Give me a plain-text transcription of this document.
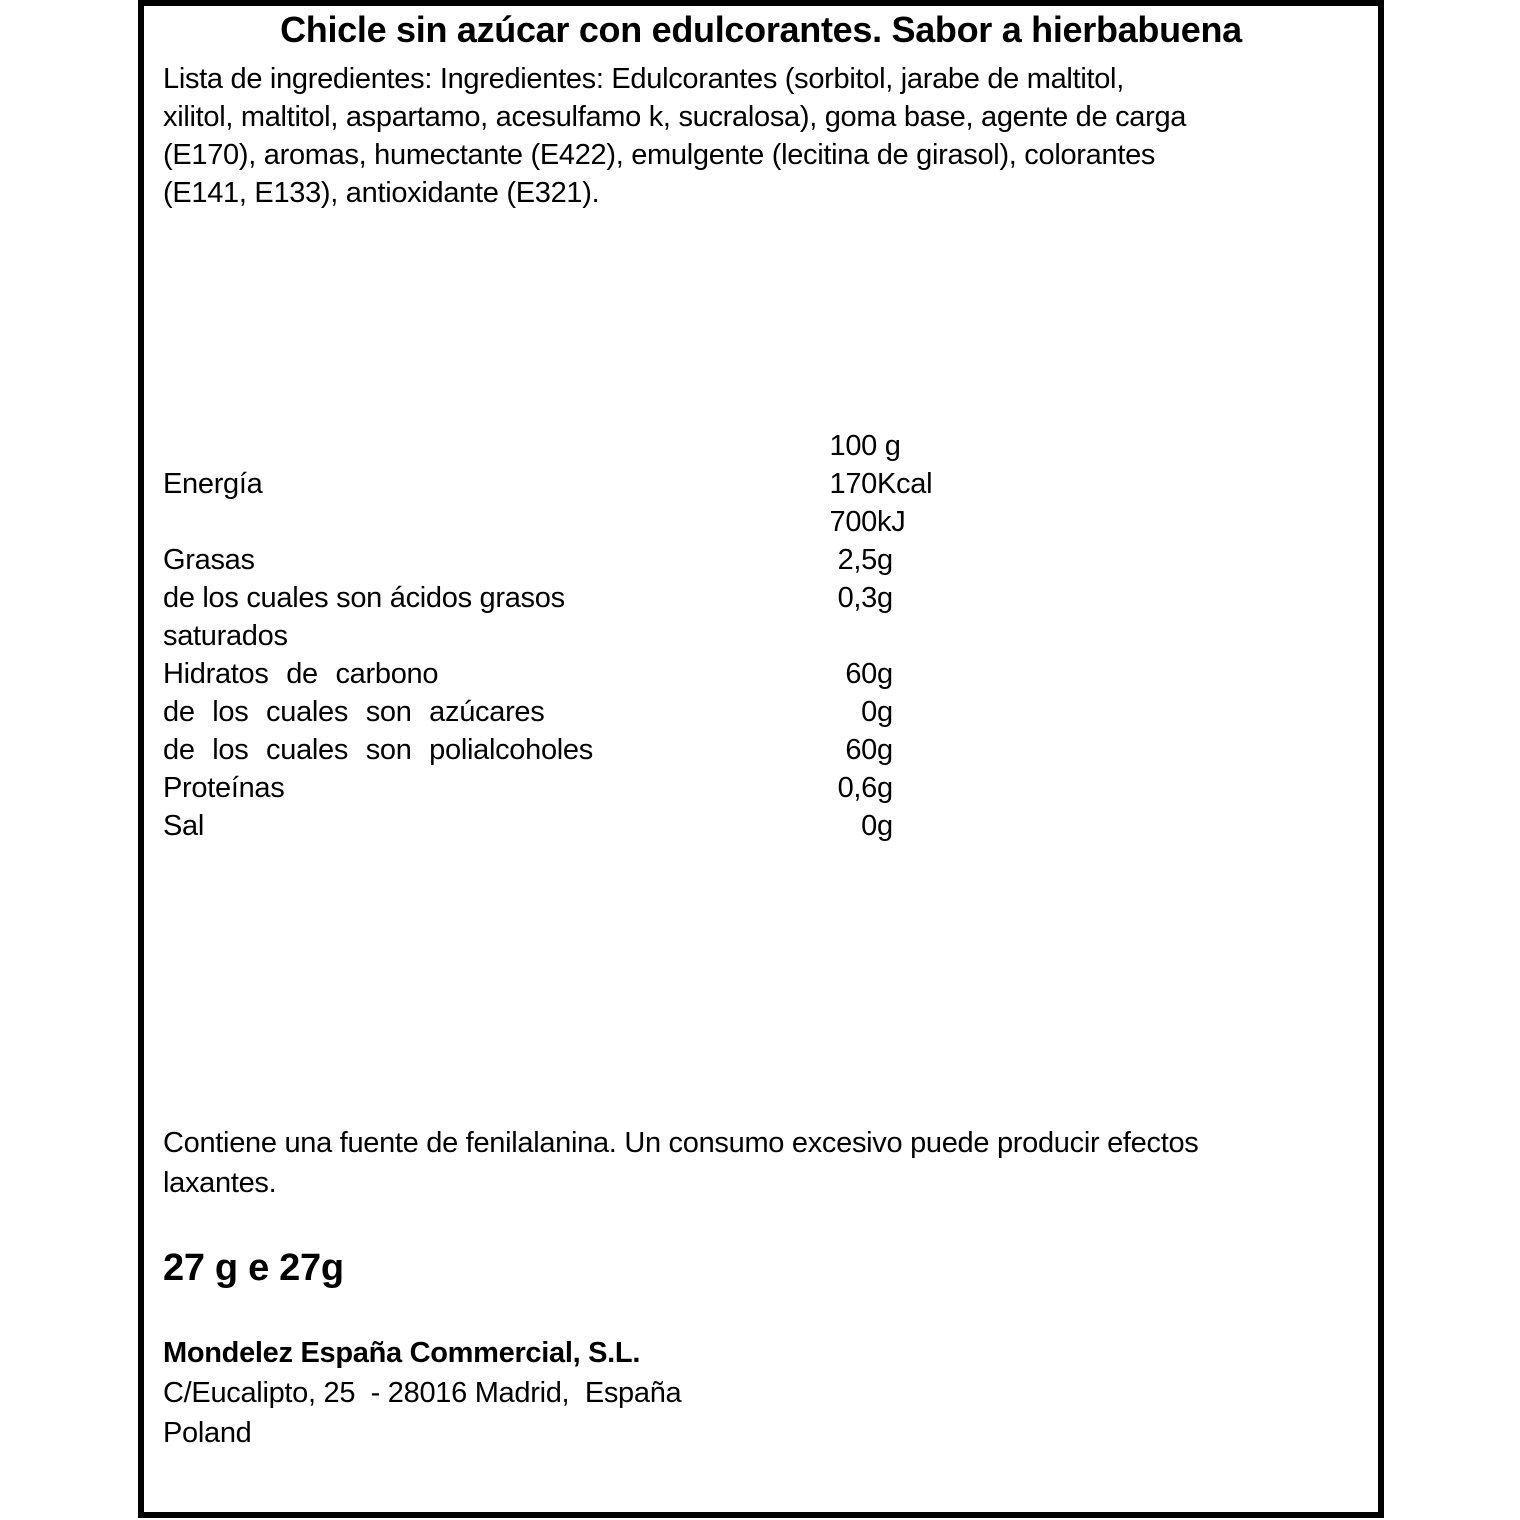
Chicle sin azúcar con edulcorantes. Sabor a hierbabuena
Lista de ingredientes: Ingredientes: Edulcorantes (sorbitol, jarabe de maltitol,
xilitol, maltitol, aspartamo, acesulfamo k, sucralosa), goma base, agente de carga
(E170), aromas, humectante (E422), emulgente (lecitina de girasol), colorantes
(E141, E133), antioxidante (E321).
100 g
Energía	170 Kcal
700 kJ
Grasas	2,5 g
de los cuales son ácidos grasos	0,3 g
saturados
Hidratos de carbono	60 g
de los cuales son azúcares	0 g
de los cuales son polialcoholes	60 g
Proteínas	0,6 g
Sal	0 g
Contiene una fuente de fenilalanina. Un consumo excesivo puede producir efectos
laxantes.
27 g e 27g
Mondelez España Commercial, S.L.
C/Eucalipto, 25  - 28016 Madrid,  España
Poland
